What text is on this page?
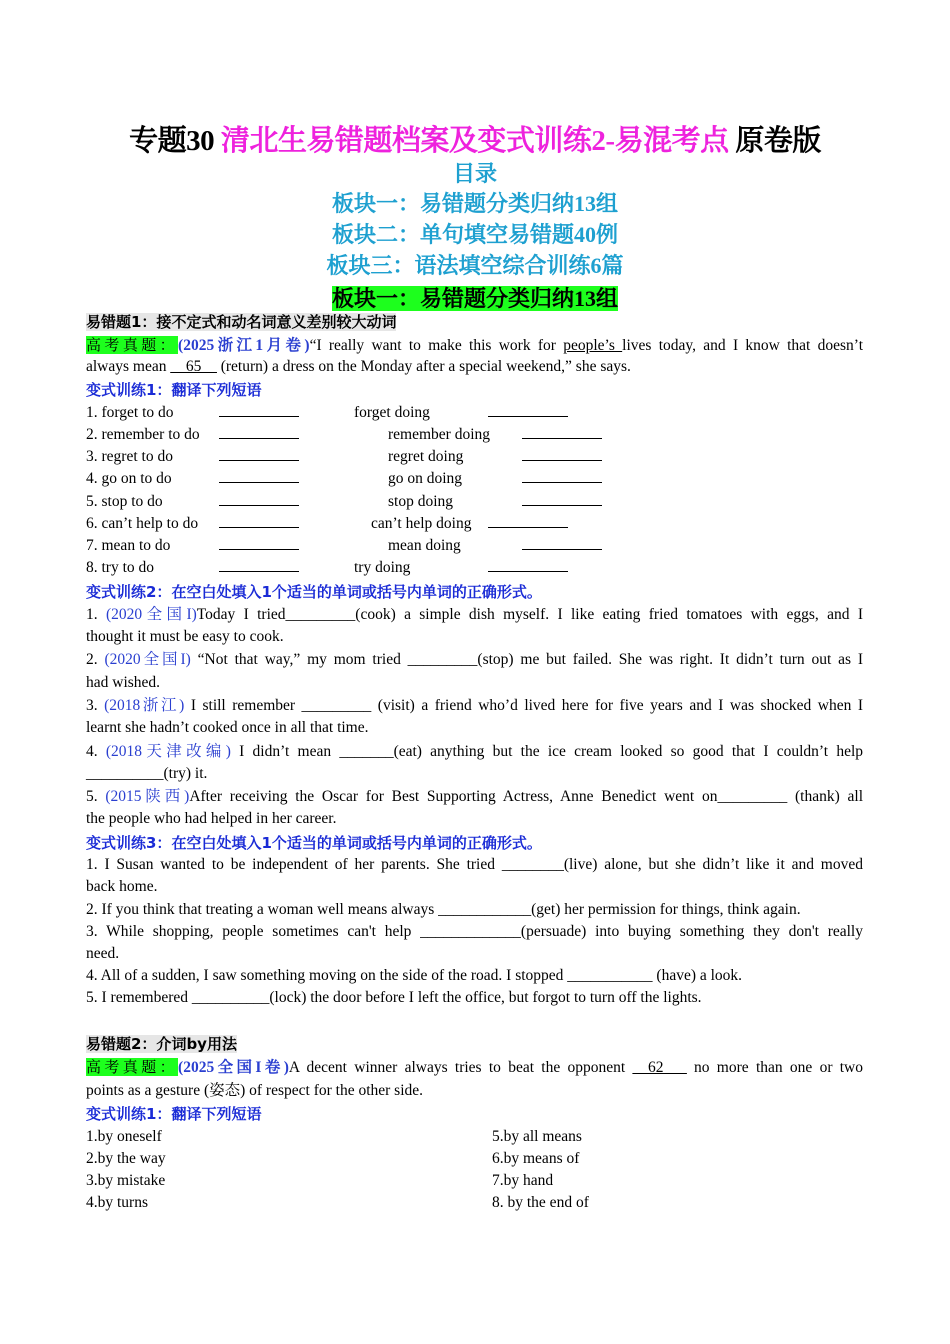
专题30 清北生易错题档案及变式训练2-易混考点 原卷版
目录
板块一：易错题分类归纳13组
板块二：单句填空易错题40例
板块三：语法填空综合训练6篇
板块一：易错题分类归纳13组
易错题1：接不定式和动名词意义差别较大动词
高考真题：(2025浙江1月卷)“I really want to make this work for people’s lives today, and I know that doesn’t
always mean __65__ (return) a dress on the Monday after a special weekend,” she says.
变式训练1：翻译下列短语
1. forget to do	forget doing
2. remember to do	remember doing
3. regret to do	regret doing
4. go on to do	go on doing
5. stop to do	stop doing
6. can’t help to do	can’t help doing
7. mean to do	mean doing
8. try to do	try doing
变式训练2：在空白处填入1个适当的单词或括号内单词的正确形式。
1. (2020全国I)Today I tried_________(cook) a simple dish myself. I like eating fried tomatoes with eggs, and I
thought it must be easy to cook.
2. (2020全国I) “Not that way,” my mom tried _________(stop) me but failed. She was right. It didn’t turn out as I
had wished.
3. (2018浙江) I still remember _________ (visit) a friend who’d lived here for five years and I was shocked when I
learnt she hadn’t cooked once in all that time.
4. (2018天津改编) I didn’t mean _______(eat) anything but the ice cream looked so good that I couldn’t help
__________(try) it.
5. (2015陕西)After receiving the Oscar for Best Supporting Actress, Anne Benedict went on_________ (thank) all
the people who had helped in her career.
变式训练3：在空白处填入1个适当的单词或括号内单词的正确形式。
1. I Susan wanted to be independent of her parents. She tried ________(live) alone, but she didn’t like it and moved
back home.
2. If you think that treating a woman well means always ____________(get) her permission for things, think again.
3. While shopping, people sometimes can't help _____________(persuade) into buying something they don't really
need.
4. All of a sudden, I saw something moving on the side of the road. I stopped ___________ (have) a look.
5. I remembered __________(lock) the door before I left the office, but forgot to turn off the lights.
易错题2：介词by用法
高考真题：(2025全国I卷)A decent winner always tries to beat the opponent __62___ no more than one or two
points as a gesture (姿态) of respect for the other side.
变式训练1：翻译下列短语
1.by oneself	5.by all means
2.by the way	6.by means of
3.by mistake	7.by hand
4.by turns	8. by the end of
